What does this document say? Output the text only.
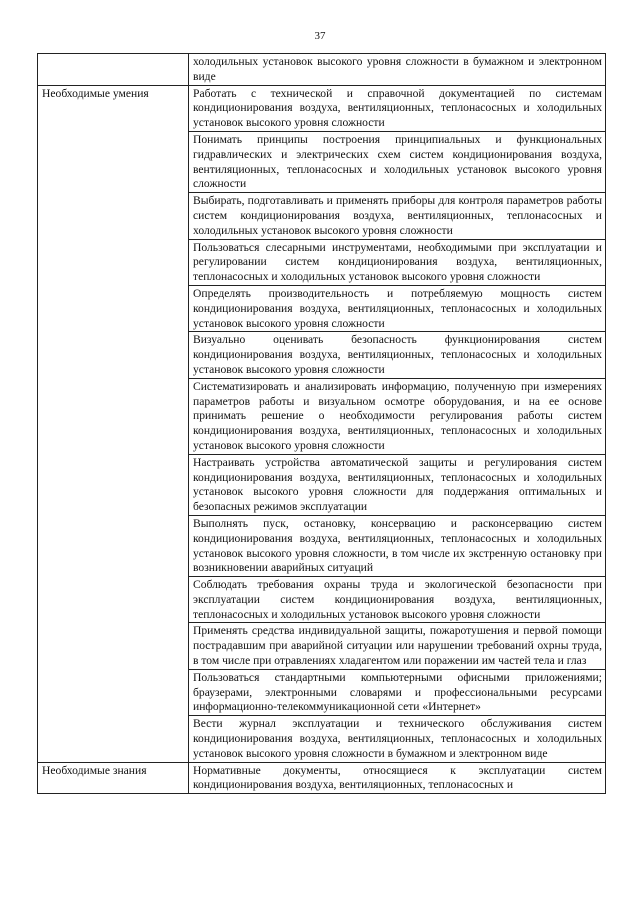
37
	холодильных установок высокого уровня сложности в бумажном и электронном виде
Необходимые умения	Работать с технической и справочной документацией по системам кондиционирования воздуха, вентиляционных, теплонасосных и холодильных установок высокого уровня сложности
	Понимать принципы построения принципиальных и функциональных гидравлических и электрических схем систем кондиционирования воздуха, вентиляционных, теплонасосных и холодильных установок высокого уровня сложности
	Выбирать, подготавливать и применять приборы для контроля параметров работы систем кондиционирования воздуха, вентиляционных, теплонасосных и холодильных установок высокого уровня сложности
	Пользоваться слесарными инструментами, необходимыми при эксплуатации и регулировании систем кондиционирования воздуха, вентиляционных, теплонасосных и холодильных установок высокого уровня сложности
	Определять производительность и потребляемую мощность систем кондиционирования воздуха, вентиляционных, теплонасосных и холодильных установок высокого уровня сложности
	Визуально оценивать безопасность функционирования систем кондиционирования воздуха, вентиляционных, теплонасосных и холодильных установок высокого уровня сложности
	Систематизировать и анализировать информацию, полученную при измерениях параметров работы и визуальном осмотре оборудования, и на ее основе принимать решение о необходимости регулирования работы систем кондиционирования воздуха, вентиляционных, теплонасосных и холодильных установок высокого уровня сложности
	Настраивать устройства автоматической защиты и регулирования систем кондиционирования воздуха, вентиляционных, теплонасосных и холодильных установок высокого уровня сложности для поддержания оптимальных и безопасных режимов эксплуатации
	Выполнять пуск, остановку, консервацию и расконсервацию систем кондиционирования воздуха, вентиляционных, теплонасосных и холодильных установок высокого уровня сложности, в том числе их экстренную остановку при возникновении аварийных ситуаций
	Соблюдать требования охраны труда и экологической безопасности при эксплуатации систем кондиционирования воздуха, вентиляционных, теплонасосных и холодильных установок высокого уровня сложности
	Применять средства индивидуальной защиты, пожаротушения и первой помощи пострадавшим при аварийной ситуации или нарушении требований охрны труда, в том числе при отравлениях хладагентом или поражении им частей тела и глаз
	Пользоваться стандартными компьютерными офисными приложениями; браузерами, электронными словарями и профессиональными ресурсами информационно-телекоммуникационной сети «Интернет»
	Вести журнал эксплуатации и технического обслуживания систем кондиционирования воздуха, вентиляционных, теплонасосных и холодильных установок высокого уровня сложности в бумажном и электронном виде
Необходимые знания	Нормативные документы, относящиеся к эксплуатации систем кондиционирования воздуха, вентиляционных, теплонасосных и
